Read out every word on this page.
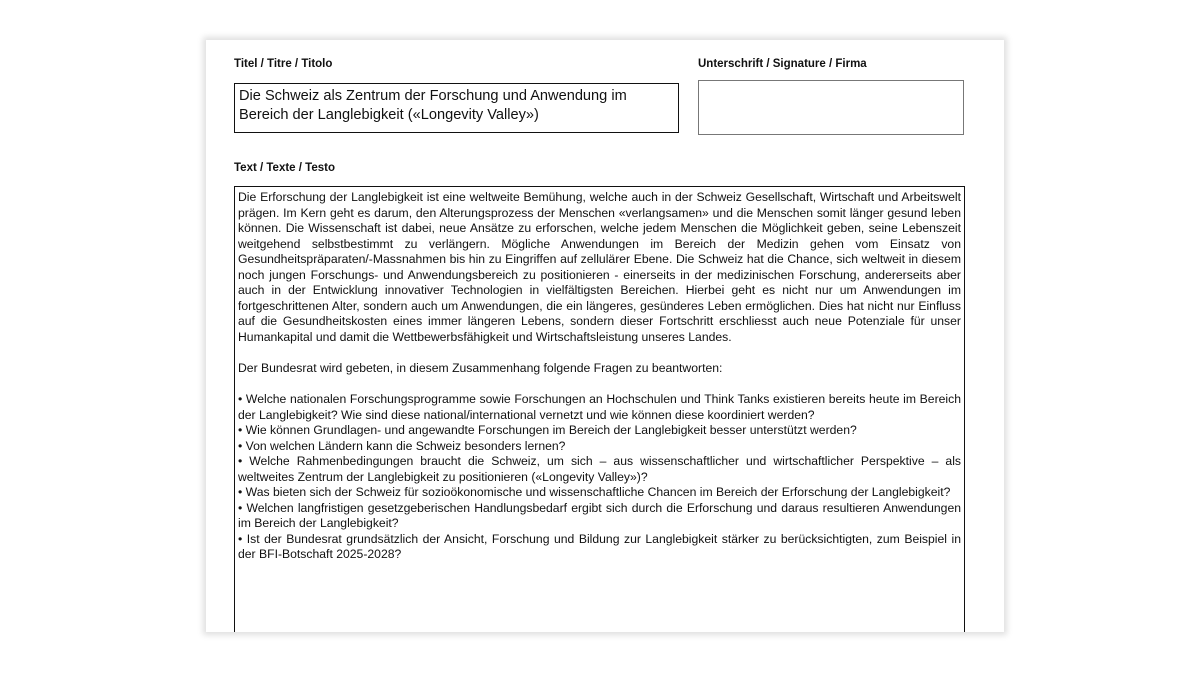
Titel / Titre / Titolo	Unterschrift / Signature / Firma
Die Schweiz als Zentrum der Forschung und Anwendung im Bereich der Langlebigkeit («Longevity Valley»)
Text / Texte / Testo

Die Erforschung der Langlebigkeit ist eine weltweite Bemühung, welche auch in der Schweiz Gesellschaft, Wirtschaft und Arbeitswelt prägen. Im Kern geht es darum, den Alterungsprozess der Menschen «verlangsamen» und die Menschen somit länger gesund leben können. Die Wissenschaft ist dabei, neue Ansätze zu erforschen, welche jedem Menschen die Möglichkeit geben, seine Lebenszeit weitgehend selbstbestimmt zu verlängern. Mögliche Anwendungen im Bereich der Medizin gehen vom Einsatz von Gesundheitspräparaten/-Massnahmen bis hin zu Eingriffen auf zellulärer Ebene. Die Schweiz hat die Chance, sich weltweit in diesem noch jungen Forschungs- und Anwendungsbereich zu positionieren - einerseits in der medizinischen Forschung, andererseits aber auch in der Entwicklung innovativer Technologien in vielfältigsten Bereichen. Hierbei geht es nicht nur um Anwendungen im fortgeschrittenen Alter, sondern auch um Anwendungen, die ein längeres, gesünderes Leben ermöglichen. Dies hat nicht nur Einfluss auf die Gesundheitskosten eines immer längeren Lebens, sondern dieser Fortschritt erschliesst auch neue Potenziale für unser Humankapital und damit die Wettbewerbsfähigkeit und Wirtschaftsleistung unseres Landes.

Der Bundesrat wird gebeten, in diesem Zusammenhang folgende Fragen zu beantworten:

• Welche nationalen Forschungsprogramme sowie Forschungen an Hochschulen und Think Tanks existieren bereits heute im Bereich der Langlebigkeit? Wie sind diese national/international vernetzt und wie können diese koordiniert werden?

• Wie können Grundlagen- und angewandte Forschungen im Bereich der Langlebigkeit besser unterstützt werden?

• Von welchen Ländern kann die Schweiz besonders lernen?

• Welche Rahmenbedingungen braucht die Schweiz, um sich – aus wissenschaftlicher und wirtschaftlicher Perspektive – als weltweites Zentrum der Langlebigkeit zu positionieren («Longevity Valley»)?

• Was bieten sich der Schweiz für sozioökonomische und wissenschaftliche Chancen im Bereich der Erforschung der Langlebigkeit?

• Welchen langfristigen gesetzgeberischen Handlungsbedarf ergibt sich durch die Erforschung und daraus resultieren Anwendungen im Bereich der Langlebigkeit?

• Ist der Bundesrat grundsätzlich der Ansicht, Forschung und Bildung zur Langlebigkeit stärker zu berücksichtigten, zum Beispiel in der BFI-Botschaft 2025-2028?
